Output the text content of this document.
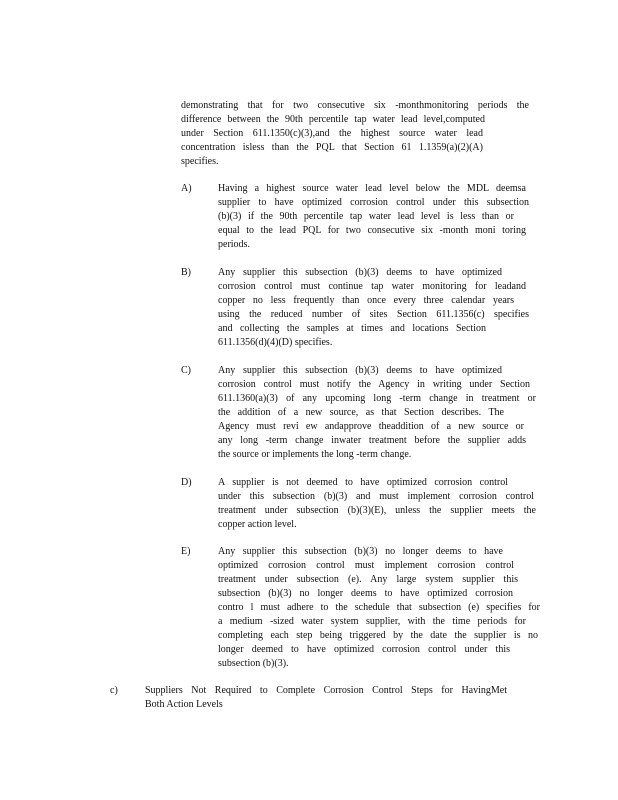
demonstrating that for two consecutive six -monthmonitoring periods the
difference between the 90th percentile tap water lead level,computed
under Section 611.1350(c)(3),and the highest source water lead
concentration isless than the PQL that Section 61 1.1359(a)(2)(A)
specifies.
A)	Having a highest source water lead level below the MDL deemsa
supplier to have optimized corrosion control under this subsection
(b)(3) if the 90th percentile tap water lead level is less than or
equal to the lead PQL for two consecutive six -month moni toring
periods.
B)	Any supplier this subsection (b)(3) deems to have optimized
corrosion control must continue tap water monitoring for leadand
copper no less frequently than once every three calendar years
using the reduced number of sites Section 611.1356(c) specifies
and collecting the samples at times and locations Section
611.1356(d)(4)(D) specifies.
C)	Any supplier this subsection (b)(3) deems to have optimized
corrosion control must notify the Agency in writing under Section
611.1360(a)(3) of any upcoming long -term change in treatment or
the addition of a new source, as that Section describes. The
Agency must revi ew andapprove theaddition of a new source or
any long -term change inwater treatment before the supplier adds
the source or implements the long -term change.
D)	A supplier is not deemed to have optimized corrosion control
under this subsection (b)(3) and must implement corrosion control
treatment under subsection (b)(3)(E), unless the supplier meets the
copper action level.
E)	Any supplier this subsection (b)(3) no longer deems to have
optimized corrosion control must implement corrosion control
treatment under subsection (e). Any large system supplier this
subsection (b)(3) no longer deems to have optimized corrosion
contro l must adhere to the schedule that subsection (e) specifies for
a medium -sized water system supplier, with the time periods for
completing each step being triggered by the date the supplier is no
longer deemed to have optimized corrosion control under this
subsection (b)(3).
c)	Suppliers Not Required to Complete Corrosion Control Steps for HavingMet
Both Action Levels
